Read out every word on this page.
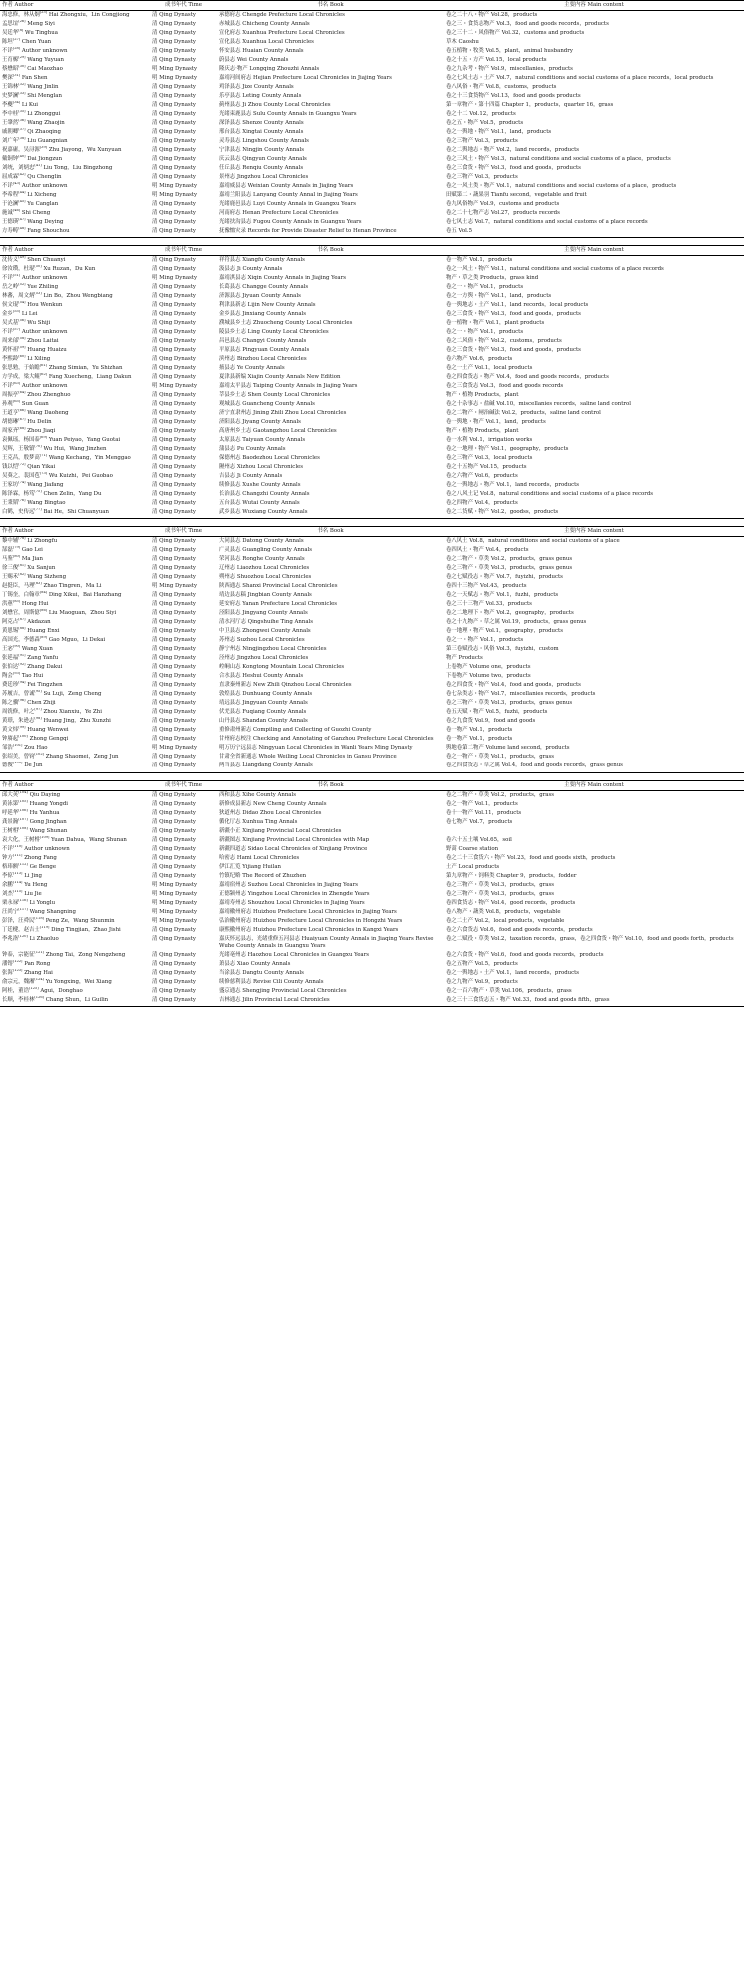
作者 Author	成书年代 Time	书名 Book	主要内容 Main content
海忠修，林从炯[25] Hai Zhongxiu，Lin Congjiong	清 Qing Dynasty	承德府志 Chengde Prefecture Local Chronicles	卷之二十八・物产 Vol.28，products
孟思谊[26] Meng Siyi	清 Qing Dynasty	赤城县志 Chicheng County Annals	卷之三・食货志物产 Vol.3，food and goods records，products
吴廷华[8] Wu Tinghua	清 Qing Dynasty	宣化府志 Xuanhua Prefecture Local Chronicles	卷之三十二・风俗物产 Vol.32，customs and products
陈坦[27] Chen Yuan	清 Qing Dynasty	宣化县志 Xuanhua Local Chronicles	草木 Caoshu
不详[28] Author unknown	清 Qing Dynasty	怀安县志 Huaian County Annals	卷五植物・牧类 Vol.5，plant，animal husbandry
王育榞[29] Wang Yuyuan	清 Qing Dynasty	蔚县志 Wei County Annals	卷之十五・方产 Vol.15，local products
蔡懋昭[30] Cai Maozhao	明 Ming Dynasty	隆庆志·物产 Longqing Zhouzhi Annals	卷之九杂考・物产 Vol.9，miscellanies，products
樊深[31] Fan Shen	明 Ming Dynasty	嘉靖河间府志 Hejian Prefecture Local Chronicles in Jiajing Years	卷之七风土志・土产 Vol.7，natural conditions and social customs of a place records，local products
王锦林[32] Wang Jinlin	清 Qing Dynasty	鸡泽县志 Jize County Annals	卷八风俗・物产 Vol.8，customs，products
史梦澜[33] Shi Menglan	清 Qing Dynasty	乐亭县志 Leting County Annals	卷之十三食货物产 Vol.13，food and goods products
李夔[34] Li Kui	清 Qing Dynasty	蓟州县志 Ji Zhou County Local Chronicles	第一章物产・第十四篇 Chapter 1，products，quarter 16，grass
李中桂[35] Li Zhonggui	清 Qing Dynasty	光绪束鹿县志 Sulu County Annals in Guangxu Years	卷之十二 Vol.12，products
王肇然[36] Wang Zhaojin	清 Qing Dynasty	深泽县志 Shenze County Annals	卷之五・物产 Vol.5，products
戚朝卿[37] Qi Zhaoqing	清 Qing Dynasty	邢台县志 Xingtai County Annals	卷之一舆地・物产 Vol.1，land，products
刘广年[38] Liu Guangnian	清 Qing Dynasty	灵寿县志 Lingshou County Annals	卷之三物产 Vol.3，products
祝嘉庸，吴浔源[39] Zhu Jiayong，Wu Xunyuan	清 Qing Dynasty	宁津县志 Ningjin County Annals	卷之二舆地志・物产 Vol.2，land records，products
戴铜钟[40] Dai Jiongzun	清 Qing Dynasty	庆云县志 Qingyun County Annals	卷之三风土・物产 Vol.3，natural conditions and social customs of a place，products
刘统，刘炳忠[41] Liu Tong，Liu Bingzhong	清 Qing Dynasty	任丘县志 Renqiu County Annals	卷之三食货・物产 Vol.3，food and goods，products
屈成霖[42] Qu Chenglin	清 Qing Dynasty	景州志 Jingzhou Local Chronicles	卷之三物产 Vol.3，products
不详[43] Author unknown	明 Ming Dynasty	嘉靖威县志 Weixian County Annals in Jiajing Years	卷之一风土类・物产 Vol.1，natural conditions and social customs of a place，products
李希程[44] Li Xicheng	明 Ming Dynasty	嘉靖兰阳县志 Lanyang County Annal in Jiajing Years	田赋第二・蔬果羽 Tianfu second，vegetable and fruit
于沧澜[45] Yu Canglan	清 Qing Dynasty	光绪鹿邑县志 Luyi County Annals in Guangxu Years	卷九风俗物产 Vol.9，customs and products
施诚[46] Shi Cheng	清 Qing Dynasty	河南府志 Henan Prefecture Local Chronicles	卷之二十七物产志 Vol.27，products records
王德瑛[47] Wang Deying	清 Qing Dynasty	光绪扶沟县志 Fugou County Annals in Guangxu Years	卷七风土志 Vol.7，natural conditions and social customs of a place records
方寿畴[48] Fang Shouchou	清 Qing Dynasty	抚豫恤灾录 Records for Provide Disaster Relief to Henan Province	卷五 Vol.5
作者 Author	成书年代 Time	书名 Book	主要内容 Main content
沈传义[49] Shen Chuanyi	清 Qing Dynasty	祥符县志 Xiangfu County Annals	卷一物产 Vol.1，products
徐汝瓒，杜琨[50] Xu Ruzan，Du Kun	清 Qing Dynasty	汲县志 Ji County Annals	卷之一风土・物产 Vol.1，natural conditions and social customs of a place records
不详[51] Author unknown	明 Ming Dynasty	嘉靖淇县志 Xiqin County Annals in Jiajing Years	物产・草之类 Products，grass kind
岳之岭[52] Yue Zhiling	清 Qing Dynasty	长葛县志 Changge County Annals	卷之一・物产 Vol.1，products
林蕃，周文炳[53] Lin Bo，Zhou Wengbiang	清 Qing Dynasty	济源县志 Jiyuan County Annals	卷之一方舆・物产 Vol.1，land，products
侯文琨[54] Hou Wenkun	清 Qing Dynasty	利津县新志 Lijin New County Annals	卷一舆地志・土产 Vol.1，land records，local products
金乡[55] Li Lei	清 Qing Dynasty	金乡县志 Jinxiang County Annals	卷之三食货・物产 Vol.3，food and goods，products
吴式基[56] Wu Shiji	清 Qing Dynasty	濮城县乡土志 Zhuocheng County Local Chronicles	卷一植物・物产 Vol.1，plant products
不详[57] Author unknown	清 Qing Dynasty	陵县乡土志 Ling County Local Chronicles	卷之一・物产 Vol.1，products
周来邰[58] Zhou Laitai	清 Qing Dynasty	昌邑县志 Changyi County Annals	卷之二风俗・物产 Vol.2，customs，products
黄怀祖[59] Huang Huaizu	清 Qing Dynasty	平原县志 Pingyuan County Annals	卷之三食货・物产 Vol.3，food and goods，products
李熙龄[60] Li Xiling	清 Qing Dynasty	滨州志 Binzhou Local Chronicles	卷六物产 Vol.6，products
张思勉，于始瞻[61] Zhang Simian，Yu Shizhan	清 Qing Dynasty	掖县志 Ye County Annals	卷之一土产 Vol.1，local products
方学成，梁大鲲[62] Fang Xuecheng，Liang Dakun	清 Qing Dynasty	夏津县新编 Xiajin County Annals New Edition	卷之四食货志・物产 Vol.4，food and goods records，products
不详[63] Author unknown	明 Ming Dynasty	嘉靖太平县志 Taiping County Annals in Jiajing Years	卷之三食货志 Vol.3，food and goods records
周振亭[64] Zhou Zhenghuo	清 Qing Dynasty	莘县乡土志 Shen County Local Chronicles	物产・植物 Products，plant
孙观[65] Sun Guan	清 Qing Dynasty	观城县志 Guancheng County Annals	卷之十杂事志・盐碱 Vol.10，miscellanies records，saline land control
王道亨[66] Wang Daoheng	清 Qing Dynasty	济宁直隶州志 Jining Zhili Zhou Local Chronicles	卷之二物产・闸治碱法 Vol.2，products，saline land control
胡德琳[67] Hu Delin	清 Qing Dynasty	济阳县志 Jiyang County Annals	卷一舆地・物产 Vol.1，land，products
周家齐[68] Zhou Jiaqi	清 Qing Dynasty	高唐州乡土志 Gaotangzhou Local Chronicles	物产・植物 Products，plant
袁佩瑶，杨国泰[69] Yuan Peiyao，Yang Guotai	清 Qing Dynasty	太原县志 Taiyuan County Annals	卷一水利 Vol.1，irrigation works
吴辉，王敬镇[70] Wu Hui，Wang Jinzhen	清 Qing Dynasty	蒲县志 Pu County Annals	卷之一地理・物产 Vol.1，geography，products
王克昌，殷梦高[71] Wang Kechang，Yin Menggao	清 Qing Dynasty	保德州志 Baodezhou Local Chronicles	卷之三物产 Vol.3，local products
钱以恺[72] Qian Yikai	清 Qing Dynasty	隰州志 Xizhou Local Chronicles	卷之十五物产 Vol.15，products
吴葵之，裴国苞[73] Wu Kuizhi，Pei Guobao	清 Qing Dynasty	吉县志 Ji County Annals	卷之六物产 Vol.6，products
王家坊[74] Wang Jiafang	清 Qing Dynasty	续修县志 Xushe County Annals	卷之一舆地志・物产 Vol.1，land records，products
陈泽霖，杨笃[75] Chen Zelin，Yang Du	清 Qing Dynasty	长治县志 Changzhi County Annals	卷之八风土记 Vol.8，natural conditions and social customs of a place records
王秉韬[76] Wang Bingtao	清 Qing Dynasty	五台县志 Wutai County Annals	卷之四物产 Vol.4，products
白鹤，史传远[77] Bai He，Shi Chuanyuan	清 Qing Dynasty	武乡县志 Wuxiang County Annals	卷之二货赋・物产 Vol.2，goodss，products
作者 Author	成书年代 Time	书名 Book	主要内容 Main content
黎中辅[78] Li Zhongfu	清 Qing Dynasty	大同县志 Datong County Annals	卷八风土 Vol.8，natural conditions and social customs of a place
郜磊[79] Gao Lei	清 Qing Dynasty	广灵县志 Guangling County Annals	卷四风土・物产 Vol.4，products
马鉴[80] Ma Jian	清 Qing Dynasty	荣河县志 Ronghe County Annals	卷之二物产・草类 Vol.2，products，grass genus
徐三俊[81] Xu Sanjun	清 Qing Dynasty	辽州志 Liaozhou Local Chronicles	卷之三物产・草类 Vol.3，products，grass genus
王赐禾[82] Wang Sizheng	清 Qing Dynasty	朔州志 Shuozhou Local Chronicles	卷之七赋役志・物产 Vol.7，fuyizhi，products
赵挺臣，马理[83] Zhao Tingren，Ma Li	明 Ming Dynasty	陕西通志 Shanxi Provincial Local Chronicles	卷四十三物产 Vol.43，products
丁锡奎，白翰章[84] Ding Xikui，Bai Hanzhang	清 Qing Dynasty	靖边县志稿 Jingbian County Annals	卷之一天赋志・物产 Vol.1，fuzhi，products
洪蕙[85] Hong Hui	清 Qing Dynasty	延安府志 Yanan Prefecture Local Chronicles	卷之三十三物产 Vol.33，products
刘懋官，周斯億[86] Liu Maoguan，Zhou Siyi	清 Qing Dynasty	泾阳县志 Jingyang County Annals	卷之二地理下・物产 Vol.2，geography，products
阿克占[87] Akdazan	清 Qing Dynasty	清水河厅志 Qingshuihe Ting Annals	卷之十九物产・草之属 Vol.19，products，grass genus
黄恩锡[88] Huang Enxi	清 Qing Dynasty	中卫县志 Zhongwei County Annals	卷一地理・物产 Vol.1，geography，products
高国光，李德森[89] Gao Mguo，Li Dekai	清 Qing Dynasty	苏州志 Suzhou Local Chronicles	卷之一・物产 Vol.1，products
王宓[90] Wang Xuan	清 Qing Dynasty	静宁州志 Ningjingzhou Local Chronicles	第三卷赋役志・风俗 Vol.3，fuyizhi，custom
张延福[91] Zang Yanfu	清 Qing Dynasty	泾州志 Jingzhou Local Chronicles	物产 Products
张伯达[92] Zhang Dakui	清 Qing Dynasty	崆峒山志 Kongtong Mountain Local Chronicles	上卷物产 Volume one，products
陶会[93] Tao Hui	清 Qing Dynasty	合水县志 Heshui County Annals	下卷物产 Volume two，products
费廷珍[94] Fei Tingzhen	清 Qing Dynasty	直隶秦州新志 New Zhili Qinzhou Local Chronicles	卷之四食货・物产 Vol.4，food and goods，products
苏履吉，曾诚[95] Su Luji，Zeng Cheng	清 Qing Dynasty	敦煌县志 Dunhuang County Annals	卷七杂类志・物产 Vol.7，miscellanies records，products
陈之骥[96] Chen Zhiji	清 Qing Dynasty	靖远县志 Jingyuan County Annals	卷之三物产・草类 Vol.3，products，grass genus
周铣修，叶之[97] Zhou Xianxiu，Ye Zhi	清 Qing Dynasty	伏羌县志 Fuqiang County Annals	卷五天赋・物产 Vol.5，fuzhi，products
黄璟，朱逊志[98] Huang Jing，Zhu Xunzhi	清 Qing Dynasty	山丹县志 Shandan County Annals	卷之九食货 Vol.9，food and goods
黄文炜[99] Huang Wenwei	清 Qing Dynasty	重修肃州新志 Compiling and Collecting of Guozhi County	卷一物产 Vol.1，products
钟赓起[100] Zhong Gengqi	清 Qing Dynasty	甘州府志校注 Checking and Annotating of Ganzhou Prefecture Local Chronicles	卷一物产 Vol.1，products
邹浩[101] Zou Hao	明 Ming Dynasty	明万历宁远县志 Ningyuan Local Chronicles in Wanli Years Ming Dynasty	舆地卷第二物产 Volume land second，products
张绍美，曾钧[102] Zhang Shaomei，Zeng Jun	清 Qing Dynasty	甘肃全省新通志 Whole Weiling Local Chronicles in Gansu Province	卷之一物产・草类 Vol.1，products，grass
德俊[103] De Jun	清 Qing Dynasty	两当县志 Liangdang County Annals	卷之四食货志・草之属 Vol.4，food and goods records，grass genus
作者 Author	成书年代 Time	书名 Book	主要内容 Main content
邱大英[104] Qiu Daying	清 Qing Dynasty	西和县志 Xihe County Annals	卷之二物产・草类 Vol.2，products，grass
黄泳第[105] Huang Yongdi	清 Qing Dynasty	新修成县新志 New Cheng County Annals	卷之一物产 Vol.1，products
呼延华[106] Hu Yanhua	清 Qing Dynasty	狄道州志 Didao Zhou Local Chronicles	卷十一物产 Vol.11，products
龚景瀚[107] Gong Jinghan	清 Qing Dynasty	循化厅志 Xunhua Ting Annals	卷七物产 Vol.7，products
王树枏[108] Wang Shunan	清 Qing Dynasty	新疆小正 Xinjiang Provincial Local Chronicles	
袁大化，王树枏[109] Yuan Dahua，Wang Shunan	清 Qing Dynasty	新疆图志 Xinjiang Provincial Local Chronicles with Map	卷六十五土壤 Vol.65，soil
不详[110] Author unknown	清 Qing Dynasty	新疆四道志 Sidao Local Chronicles of Xinjiang Province	野蒿 Coarse station
钟方[111] Zhong Fang	清 Qing Dynasty	哈密志 Hami Local Chronicles	卷之二十三食货六・物产 Vol.23，food and goods sixth，products
格琫额[112] Ge Benge	清 Qing Dynasty	伊江汇览 Yijiang Huilan	土产 Local products
李倞[113] Li Jing	清 Qing Dynasty	竹镇纪略 The Record of Zhuzhen	第九章物产・饲料类 Chapter 9，products，fodder
余鹏[114] Yu Heng	明 Ming Dynasty	嘉靖宿州志 Suzhou Local Chronicles in Jiajing Years	卷之三物产・草类 Vol.3，products，grass
刘杰[115] Liu Jie	明 Ming Dynasty	正德颍州志 Yingzhou Local Chronicles in Zhengde Years	卷之三物产・草类 Vol.3，products，grass
栗永禄[116] Li Yonglu	明 Ming Dynasty	嘉靖寿州志 Shouzhou Local Chronicles in Jiajing Years	卷四食货志・物产 Vol.4，good records，products
汪尚宁[117] Wang Shangning	明 Ming Dynasty	嘉靖徽州府志 Huizhou Prefecture Local Chronicles in Jiajing Years	卷八物产・蔬类 Vol.8，products，vegetable
彭泽，汪舜民[118] Peng Ze，Wang Shunmin	明 Ming Dynasty	弘治徽州府志 Huizhou Prefecture Local Chronicles in Hongzhi Years	卷之二土产 Vol.2，local products，vegetable
丁廷楗，赵吉士[119] Ding Tingjian，Zhao Jishi	清 Qing Dynasty	康熙徽州府志 Huizhou Prefecture Local Chronicles in Kangxi Years	卷之六食货志 Vol.6，food and goods records，products
李兆洛[120] Li Zhaoluo	清 Qing Dynasty	嘉庆怀远县志，光绪重修五河县志 Huaiyuan County Annals in Jiaqing Years Revise Wuhe County Annals in Guangxu Years	卷之二赋役・草类 Vol.2，taxation records，grass，卷之四食货・物产 Vol.10，food and goods forth，products
钟泰，宗能征[121] Zhong Tai，Zong Nengzheng	清 Qing Dynasty	光绪亳州志 Haozhou Local Chronicles in Guangxu Years	卷之六食货・物产 Vol.6，food and goods records，products
潘镕[122] Pan Rong	清 Qing Dynasty	萧县志 Xiao County Annals	卷之五物产 Vol.5，products
张海[123] Zhang Hai	清 Qing Dynasty	当涂县志 Dangtu County Annals	卷之一舆地志・土产 Vol.1，land records，products
俞宗元，魏湘[124] Yu Yongxing，Wei Xiang	清 Qing Dynasty	续修慈利县志 Revise Cili County Annals	卷之九物产 Vol.9，products
阿桂，董诰[125] Agui，Donghao	清 Qing Dynasty	盛京通志 Shengjing Provincial Local Chronicles	卷之一百六物产・草类 Vol.106，products，grass
长顺，李桂林[126] Chang Shun，Li Guilin	清 Qing Dynasty	吉林通志 Jilin Provincial Local Chronicles	卷之三十三食货志五・物产 Vol.33，food and goods fifth，grass
